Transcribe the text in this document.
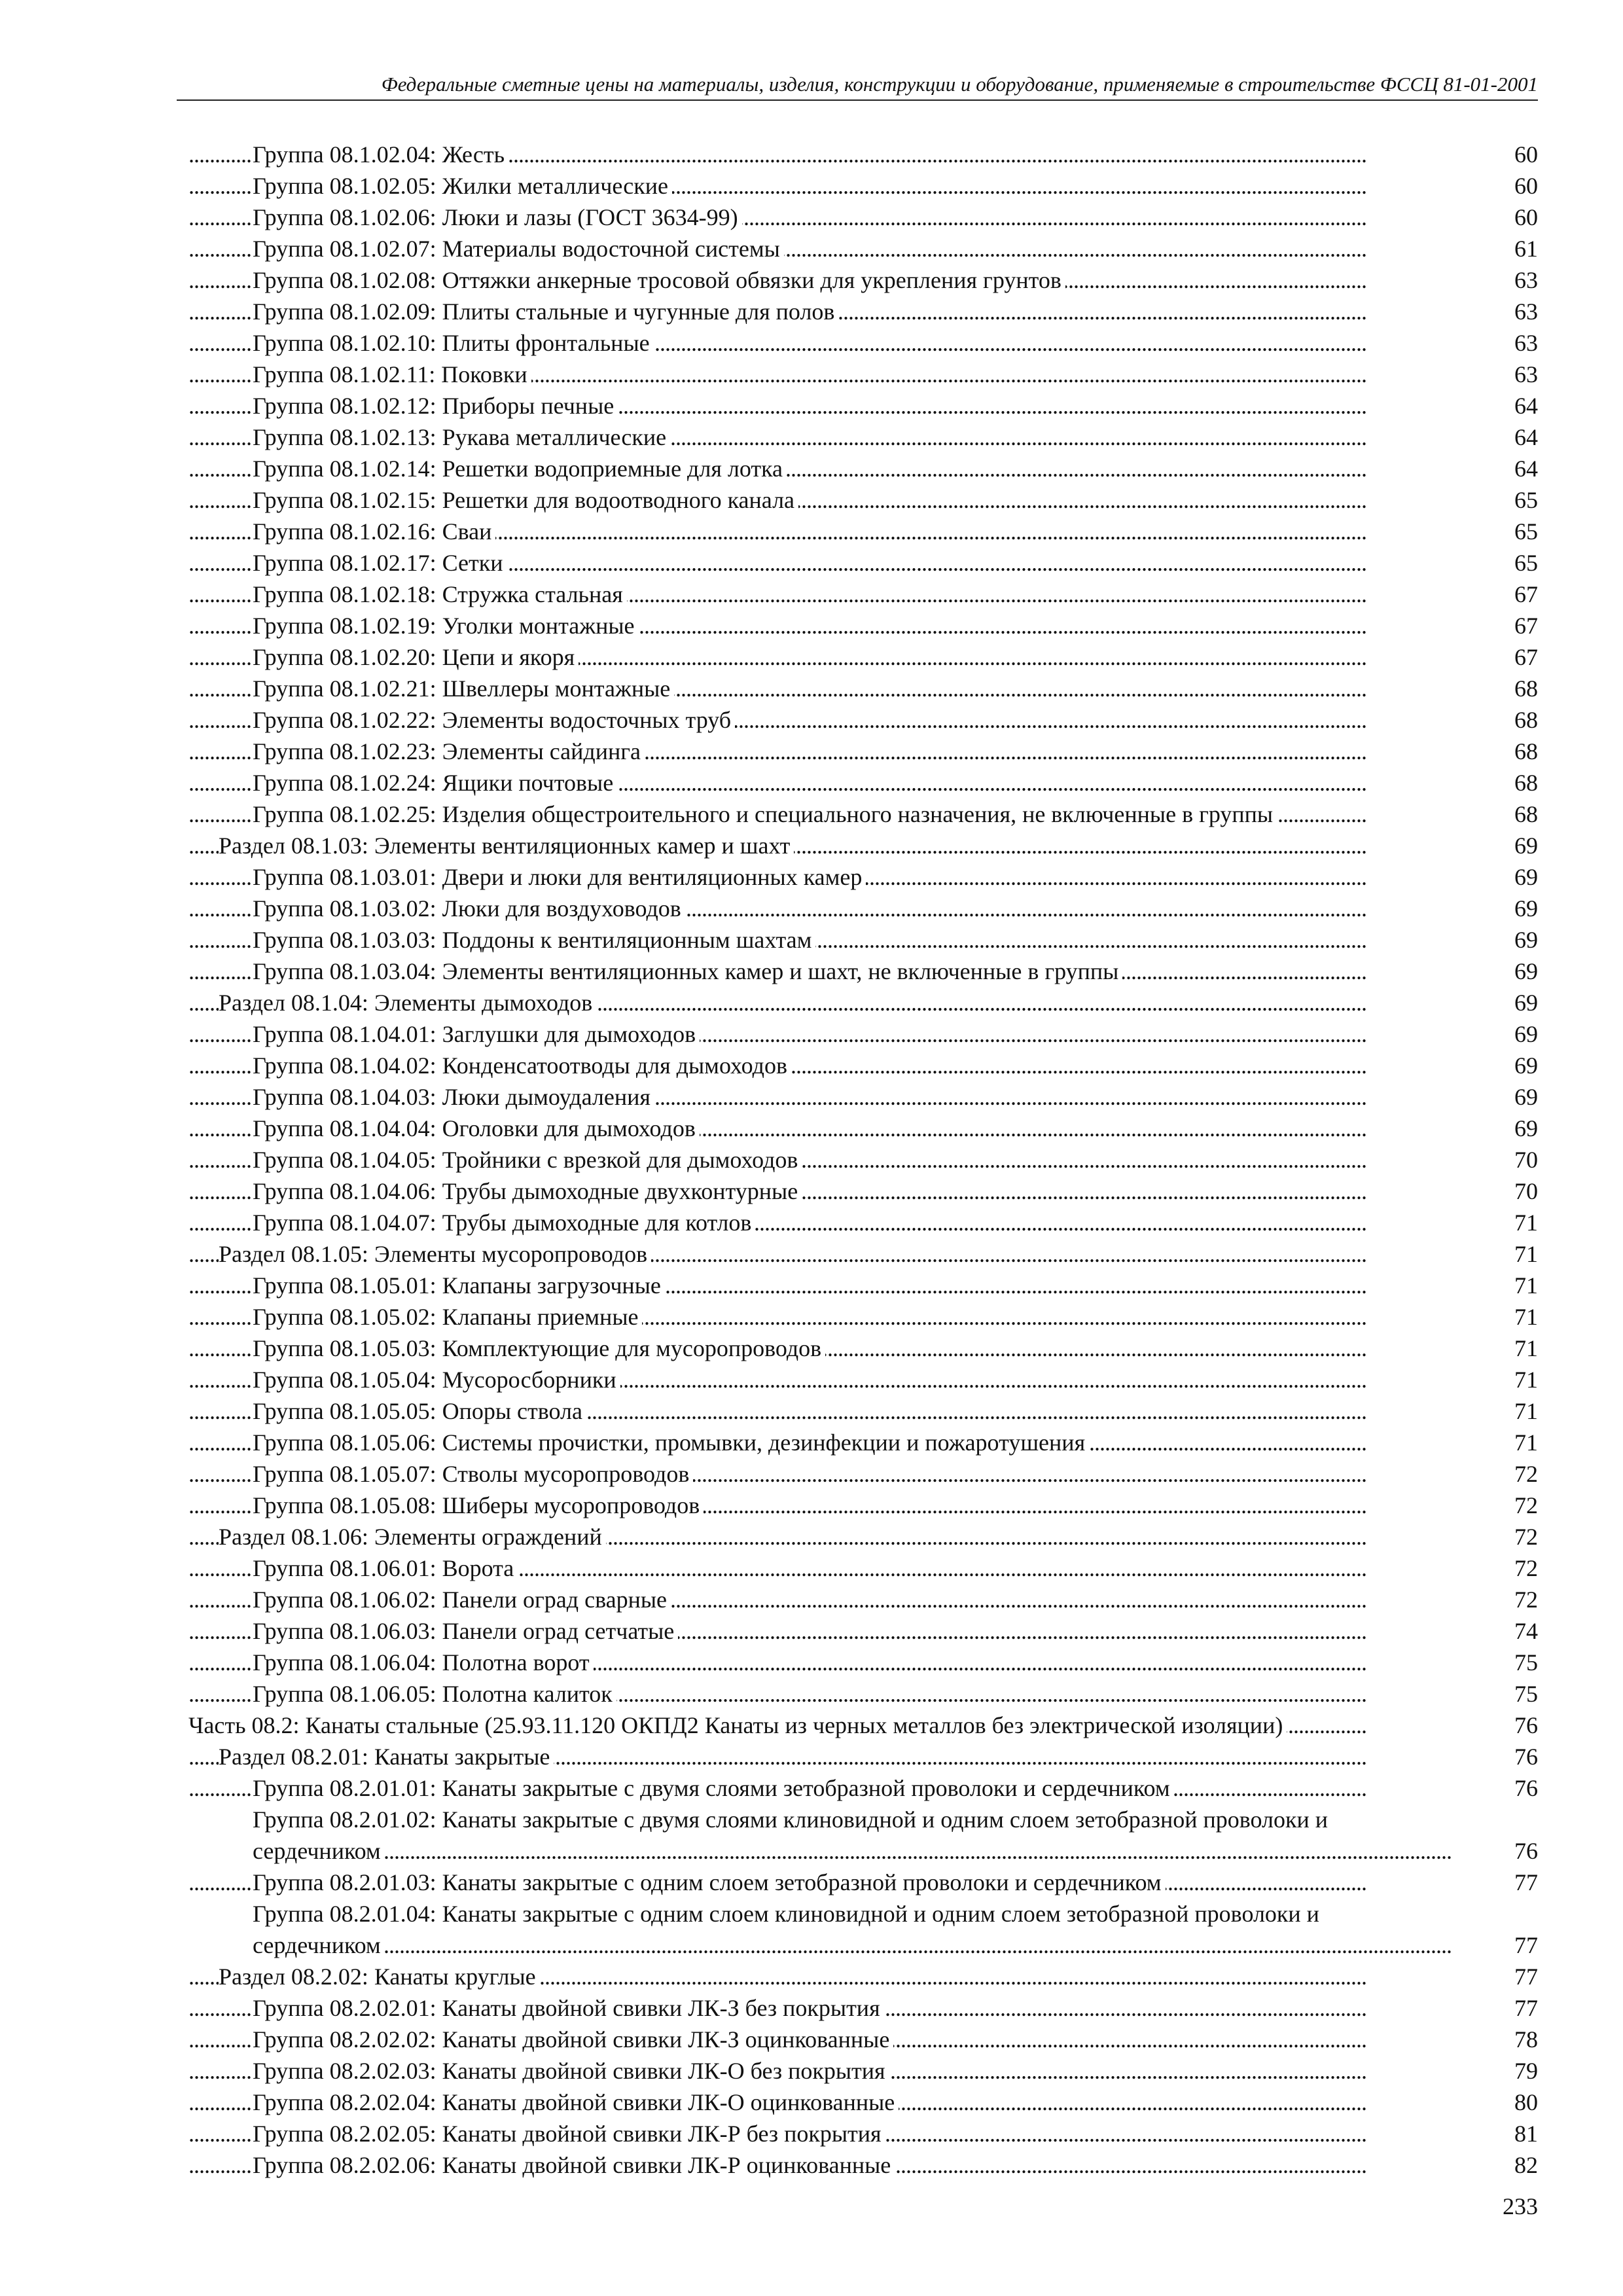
Федеральные сметные цены на материалы, изделия, конструкции и оборудование, применяемые в строительстве ФССЦ 81-01-2001
Группа 08.1.02.04: Жесть	60
. . .
Группа 08.1.02.05: Жилки металлические	60
. . .
Группа 08.1.02.06: Люки и лазы (ГОСТ 3634-99)	60
. . .
Группа 08.1.02.07: Материалы водосточной системы	61
. . .
Группа 08.1.02.08: Оттяжки анкерные тросовой обвязки для укрепления грунтов	63
. . .
Группа 08.1.02.09: Плиты стальные и чугунные для полов	63
. . .
Группа 08.1.02.10: Плиты фронтальные	63
. . .
Группа 08.1.02.11: Поковки	63
. . .
Группа 08.1.02.12: Приборы печные	64
. . .
Группа 08.1.02.13: Рукава металлические	64
. . .
Группа 08.1.02.14: Решетки водоприемные для лотка	64
. . .
Группа 08.1.02.15: Решетки для водоотводного канала	65
. . .
Группа 08.1.02.16: Сваи	65
. . .
Группа 08.1.02.17: Сетки	65
. . .
Группа 08.1.02.18: Стружка стальная	67
. . .
Группа 08.1.02.19: Уголки монтажные	67
. . .
Группа 08.1.02.20: Цепи и якоря	67
. . .
Группа 08.1.02.21: Швеллеры монтажные	68
. . .
Группа 08.1.02.22: Элементы водосточных труб	68
. . .
Группа 08.1.02.23: Элементы сайдинга	68
. . .
Группа 08.1.02.24: Ящики почтовые	68
. . .
Группа 08.1.02.25: Изделия общестроительного и специального назначения, не включенные в группы	68
. . .
Раздел 08.1.03: Элементы вентиляционных камер и шахт	69
. . .
Группа 08.1.03.01: Двери и люки для вентиляционных камер	69
. . .
Группа 08.1.03.02: Люки для воздуховодов	69
. . .
Группа 08.1.03.03: Поддоны к вентиляционным шахтам	69
. . .
Группа 08.1.03.04: Элементы вентиляционных камер и шахт, не включенные в группы	69
. . .
Раздел 08.1.04: Элементы дымоходов	69
. . .
Группа 08.1.04.01: Заглушки для дымоходов	69
. . .
Группа 08.1.04.02: Конденсатоотводы для дымоходов	69
. . .
Группа 08.1.04.03: Люки дымоудаления	69
. . .
Группа 08.1.04.04: Оголовки для дымоходов	69
. . .
Группа 08.1.04.05: Тройники с врезкой для дымоходов	70
. . .
Группа 08.1.04.06: Трубы дымоходные двухконтурные	70
. . .
Группа 08.1.04.07: Трубы дымоходные для котлов	71
. . .
Раздел 08.1.05: Элементы мусоропроводов	71
. . .
Группа 08.1.05.01: Клапаны загрузочные	71
. . .
Группа 08.1.05.02: Клапаны приемные	71
. . .
Группа 08.1.05.03: Комплектующие для мусоропроводов	71
. . .
Группа 08.1.05.04: Мусоросборники	71
. . .
Группа 08.1.05.05: Опоры ствола	71
. . .
Группа 08.1.05.06: Системы прочистки, промывки, дезинфекции и пожаротушения	71
. . .
Группа 08.1.05.07: Стволы мусоропроводов	72
. . .
Группа 08.1.05.08: Шиберы мусоропроводов	72
. . .
Раздел 08.1.06: Элементы ограждений	72
. . .
Группа 08.1.06.01: Ворота	72
. . .
Группа 08.1.06.02: Панели оград сварные	72
. . .
Группа 08.1.06.03: Панели оград сетчатые	74
. . .
Группа 08.1.06.04: Полотна ворот	75
. . .
Группа 08.1.06.05: Полотна калиток	75
. . .
Часть 08.2: Канаты стальные (25.93.11.120 ОКПД2 Канаты из черных металлов без электрической изоляции)	76
. . .
Раздел 08.2.01: Канаты закрытые	76
. . .
Группа 08.2.01.01: Канаты закрытые с двумя слоями зетобразной проволоки и сердечником	76
. . .
Группа 08.2.01.02: Канаты закрытые с двумя слоями клиновидной и одним слоем зетобразной проволоки и
сердечником . . .	76
Группа 08.2.01.03: Канаты закрытые с одним слоем зетобразной проволоки и сердечником	77
. . .
Группа 08.2.01.04: Канаты закрытые с одним слоем клиновидной и одним слоем зетобразной проволоки и
сердечником . . .	77
Раздел 08.2.02: Канаты круглые	77
. . .
Группа 08.2.02.01: Канаты двойной свивки ЛК-З без покрытия	77
. . .
Группа 08.2.02.02: Канаты двойной свивки ЛК-З оцинкованные	78
. . .
Группа 08.2.02.03: Канаты двойной свивки ЛК-О без покрытия	79
. . .
Группа 08.2.02.04: Канаты двойной свивки ЛК-О оцинкованные	80
. . .
Группа 08.2.02.05: Канаты двойной свивки ЛК-Р без покрытия	81
. . .
Группа 08.2.02.06: Канаты двойной свивки ЛК-Р оцинкованные	82
. . .
233
